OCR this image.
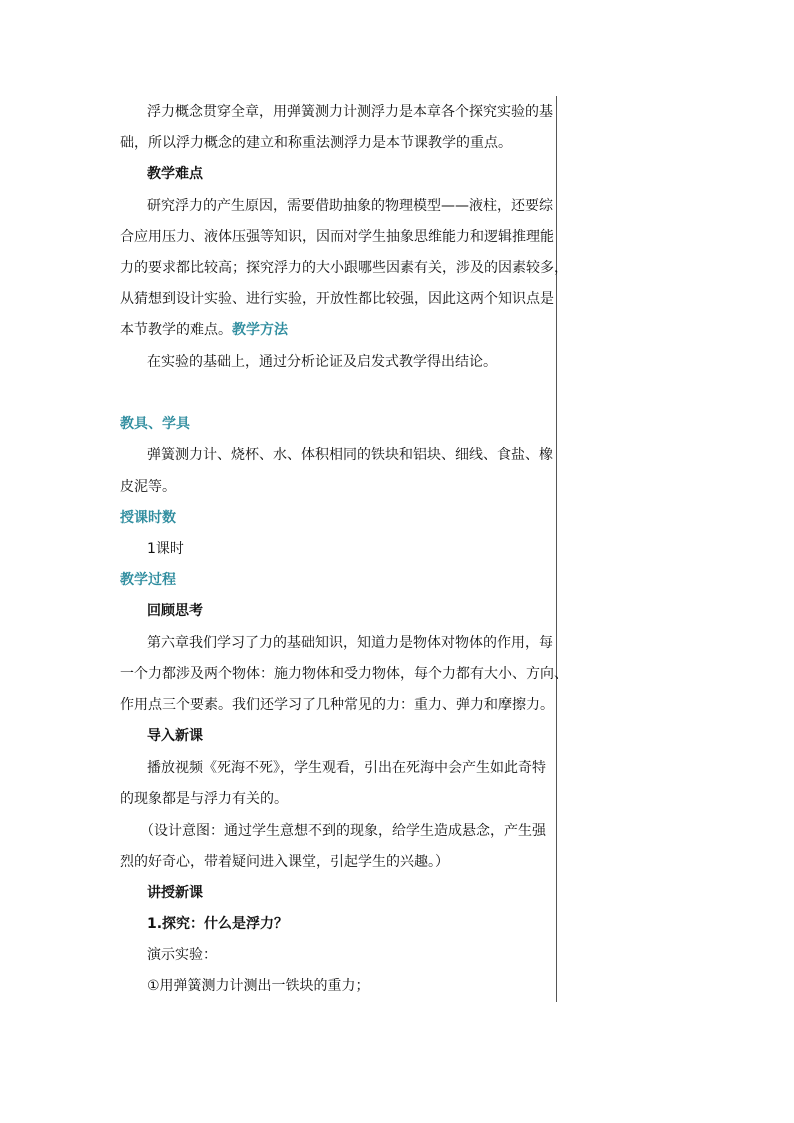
浮力概念贯穿全章，用弹簧测力计测浮力是本章各个探究实验的基
础，所以浮力概念的建立和称重法测浮力是本节课教学的重点。
教学难点
研究浮力的产生原因，需要借助抽象的物理模型——液柱，还要综
合应用压力、液体压强等知识，因而对学生抽象思维能力和逻辑推理能
力的要求都比较高；探究浮力的大小跟哪些因素有关，涉及的因素较多，
从猜想到设计实验、进行实验，开放性都比较强，因此这两个知识点是
本节教学的难点。教学方法
在实验的基础上，通过分析论证及启发式教学得出结论。
教具、学具
弹簧测力计、烧杯、水、体积相同的铁块和铝块、细线、食盐、橡
皮泥等。
授课时数
1课时
教学过程
回顾思考
第六章我们学习了力的基础知识，知道力是物体对物体的作用，每
一个力都涉及两个物体：施力物体和受力物体，每个力都有大小、方向、
作用点三个要素。我们还学习了几种常见的力：重力、弹力和摩擦力。
导入新课
播放视频《死海不死》，学生观看，引出在死海中会产生如此奇特
的现象都是与浮力有关的。
（设计意图：通过学生意想不到的现象，给学生造成悬念，产生强
烈的好奇心，带着疑问进入课堂，引起学生的兴趣。）
讲授新课
1.探究：什么是浮力？
演示实验：
①用弹簧测力计测出一铁块的重力；
